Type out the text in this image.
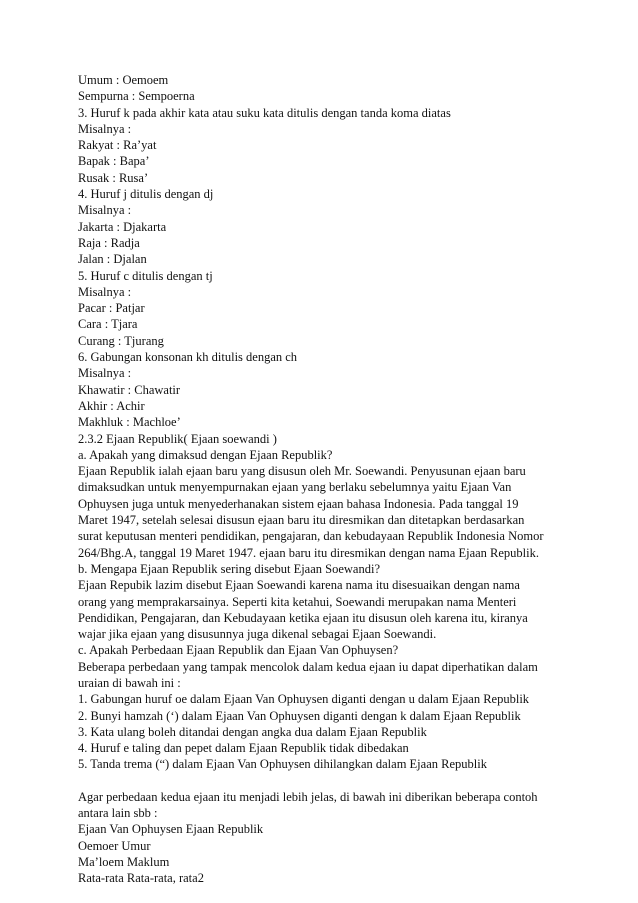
Umum : Oemoem
Sempurna : Sempoerna
3. Huruf k pada akhir kata atau suku kata ditulis dengan tanda koma diatas
Misalnya :
Rakyat : Ra’yat
Bapak : Bapa’
Rusak : Rusa’
4. Huruf j ditulis dengan dj
Misalnya :
Jakarta : Djakarta
Raja : Radja
Jalan : Djalan
5. Huruf c ditulis dengan tj
Misalnya :
Pacar : Patjar
Cara : Tjara
Curang : Tjurang
6. Gabungan konsonan kh ditulis dengan ch
Misalnya :
Khawatir : Chawatir
Akhir : Achir
Makhluk : Machloe’
2.3.2 Ejaan Republik( Ejaan soewandi )
a. Apakah yang dimaksud dengan Ejaan Republik?
Ejaan Republik ialah ejaan baru yang disusun oleh Mr. Soewandi. Penyusunan ejaan baru
dimaksudkan untuk menyempurnakan ejaan yang berlaku sebelumnya yaitu Ejaan Van
Ophuysen juga untuk menyederhanakan sistem ejaan bahasa Indonesia. Pada tanggal 19
Maret 1947, setelah selesai disusun ejaan baru itu diresmikan dan ditetapkan berdasarkan
surat keputusan menteri pendidikan, pengajaran, dan kebudayaan Republik Indonesia Nomor
264/Bhg.A, tanggal 19 Maret 1947. ejaan baru itu diresmikan dengan nama Ejaan Republik.
b. Mengapa Ejaan Republik sering disebut Ejaan Soewandi?
Ejaan Repubik lazim disebut Ejaan Soewandi karena nama itu disesuaikan dengan nama
orang yang memprakarsainya. Seperti kita ketahui, Soewandi merupakan nama Menteri
Pendidikan, Pengajaran, dan Kebudayaan ketika ejaan itu disusun oleh karena itu, kiranya
wajar jika ejaan yang disusunnya juga dikenal sebagai Ejaan Soewandi.
c. Apakah Perbedaan Ejaan Republik dan Ejaan Van Ophuysen?
Beberapa perbedaan yang tampak mencolok dalam kedua ejaan iu dapat diperhatikan dalam
uraian di bawah ini :
1. Gabungan huruf oe dalam Ejaan Van Ophuysen diganti dengan u dalam Ejaan Republik
2. Bunyi hamzah (‘) dalam Ejaan Van Ophuysen diganti dengan k dalam Ejaan Republik
3. Kata ulang boleh ditandai dengan angka dua dalam Ejaan Republik
4. Huruf e taling dan pepet dalam Ejaan Republik tidak dibedakan
5. Tanda trema (“) dalam Ejaan Van Ophuysen dihilangkan dalam Ejaan Republik
Agar perbedaan kedua ejaan itu menjadi lebih jelas, di bawah ini diberikan beberapa contoh
antara lain sbb :
Ejaan Van Ophuysen Ejaan Republik
Oemoer Umur
Ma’loem Maklum
Rata-rata Rata-rata, rata2
